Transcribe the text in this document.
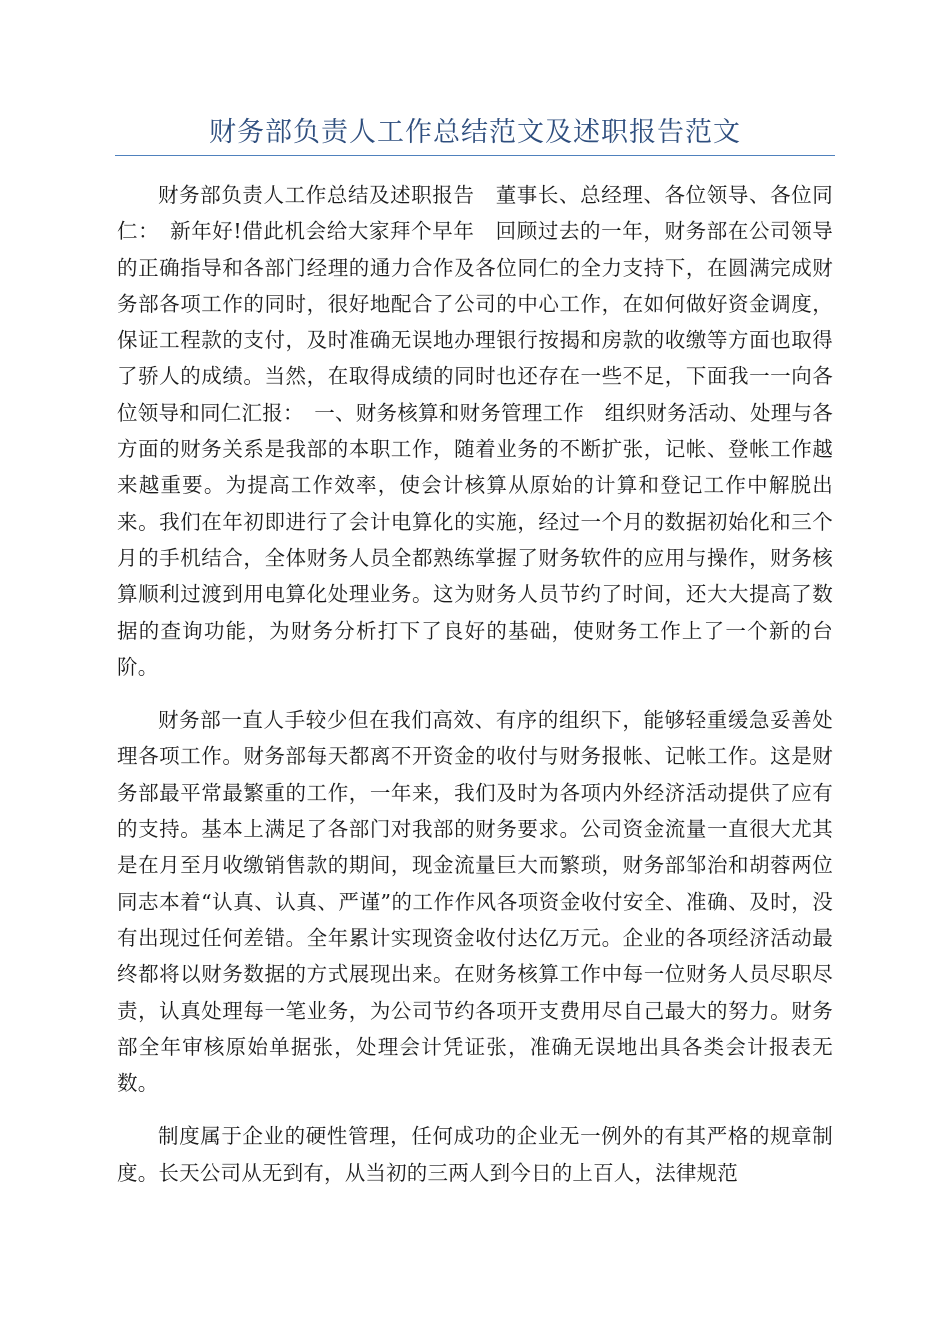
财务部负责人工作总结范文及述职报告范文

财务部负责人工作总结及述职报告　董事长、总经理、各位领导、各位同仁：　新年好!借此机会给大家拜个早年　回顾过去的一年，财务部在公司领导的正确指导和各部门经理的通力合作及各位同仁的全力支持下，在圆满完成财务部各项工作的同时，很好地配合了公司的中心工作，在如何做好资金调度，保证工程款的支付，及时准确无误地办理银行按揭和房款的收缴等方面也取得了骄人的成绩。当然，在取得成绩的同时也还存在一些不足，下面我一一向各位领导和同仁汇报：　一、财务核算和财务管理工作　组织财务活动、处理与各方面的财务关系是我部的本职工作，随着业务的不断扩张，记帐、登帐工作越来越重要。为提高工作效率，使会计核算从原始的计算和登记工作中解脱出来。我们在年初即进行了会计电算化的实施，经过一个月的数据初始化和三个月的手机结合，全体财务人员全都熟练掌握了财务软件的应用与操作，财务核算顺利过渡到用电算化处理业务。这为财务人员节约了时间，还大大提高了数据的查询功能，为财务分析打下了良好的基础，使财务工作上了一个新的台阶。

财务部一直人手较少但在我们高效、有序的组织下，能够轻重缓急妥善处理各项工作。财务部每天都离不开资金的收付与财务报帐、记帐工作。这是财务部最平常最繁重的工作，一年来，我们及时为各项内外经济活动提供了应有的支持。基本上满足了各部门对我部的财务要求。公司资金流量一直很大尤其是在月至月收缴销售款的期间，现金流量巨大而繁琐，财务部邹治和胡蓉两位同志本着“认真、认真、严谨”的工作作风各项资金收付安全、准确、及时，没有出现过任何差错。全年累计实现资金收付达亿万元。企业的各项经济活动最终都将以财务数据的方式展现出来。在财务核算工作中每一位财务人员尽职尽责，认真处理每一笔业务，为公司节约各项开支费用尽自己最大的努力。财务部全年审核原始单据张，处理会计凭证张，准确无误地出具各类会计报表无数。

制度属于企业的硬性管理，任何成功的企业无一例外的有其严格的规章制度。长天公司从无到有，从当初的三两人到今日的上百人，法律规范
